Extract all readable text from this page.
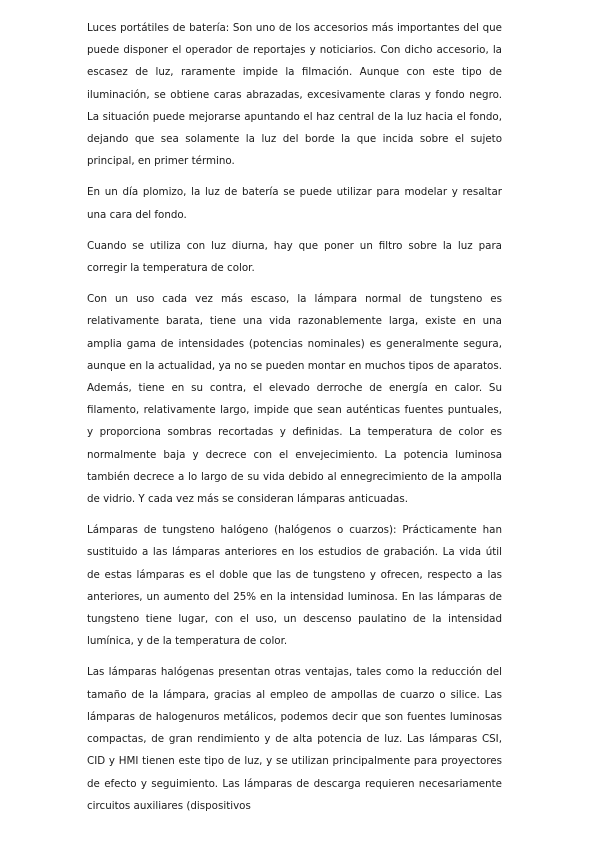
Luces portátiles de batería: Son uno de los accesorios más importantes del que puede disponer el operador de reportajes y noticiarios. Con dicho accesorio, la escasez de luz, raramente impide la filmación. Aunque con este tipo de iluminación, se obtiene caras abrazadas, excesivamente claras y fondo negro. La situación puede mejorarse apuntando el haz central de la luz hacia el fondo, dejando que sea solamente la luz del borde la que incida sobre el sujeto principal, en primer término.

En un día plomizo, la luz de batería se puede utilizar para modelar y resaltar una cara del fondo.

Cuando se utiliza con luz diurna, hay que poner un filtro sobre la luz para corregir la temperatura de color.

Con un uso cada vez más escaso, la lámpara normal de tungsteno es relativamente barata, tiene una vida razonablemente larga, existe en una amplia gama de intensidades (potencias nominales) es generalmente segura, aunque en la actualidad, ya no se pueden montar en muchos tipos de aparatos. Además, tiene en su contra, el elevado derroche de energía en calor. Su filamento, relativamente largo, impide que sean auténticas fuentes puntuales, y proporciona sombras recortadas y definidas. La temperatura de color es normalmente baja y decrece con el envejecimiento. La potencia luminosa también decrece a lo largo de su vida debido al ennegrecimiento de la ampolla de vidrio. Y cada vez más se consideran lámparas anticuadas.

Lámparas de tungsteno halógeno (halógenos o cuarzos): Prácticamente han sustituido a las lámparas anteriores en los estudios de grabación. La vida útil de estas lámparas es el doble que las de tungsteno y ofrecen, respecto a las anteriores, un aumento del 25% en la intensidad luminosa. En las lámparas de tungsteno tiene lugar, con el uso, un descenso paulatino de la intensidad lumínica, y de la temperatura de color.

Las lámparas halógenas presentan otras ventajas, tales como la reducción del tamaño de la lámpara, gracias al empleo de ampollas de cuarzo o silice. Las lámparas de halogenuros metálicos, podemos decir que son fuentes luminosas compactas, de gran rendimiento y de alta potencia de luz. Las lámparas CSI, CID y HMI tienen este tipo de luz, y se utilizan principalmente para proyectores de efecto y seguimiento. Las lámparas de descarga requieren necesariamente circuitos auxiliares (dispositivos
